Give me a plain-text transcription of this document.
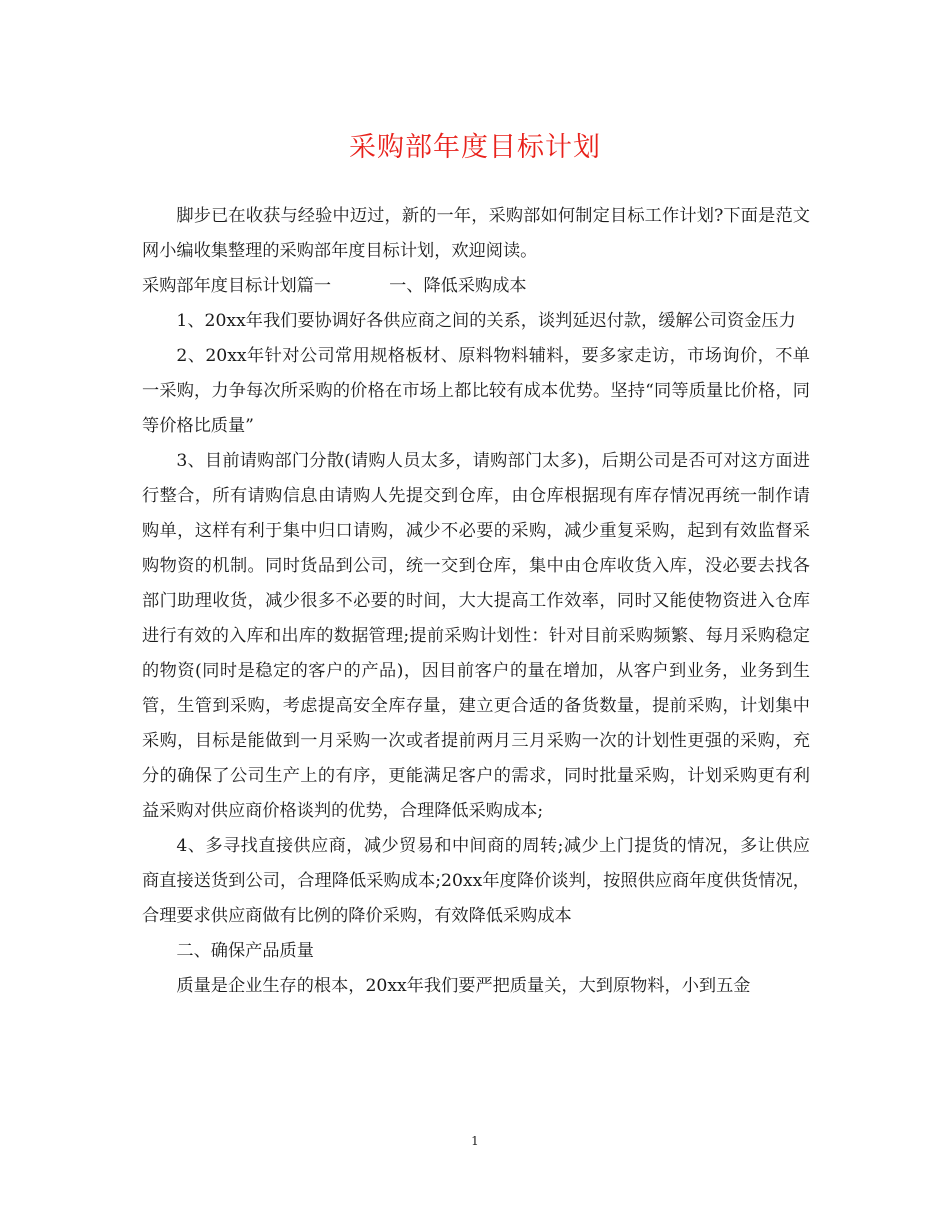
采购部年度目标计划

脚步已在收获与经验中迈过，新的一年，采购部如何制定目标工作计划?下面是范文网小编收集整理的采购部年度目标计划，欢迎阅读。

采购部年度目标计划篇一	一、降低采购成本

1、20xx年我们要协调好各供应商之间的关系，谈判延迟付款，缓解公司资金压力

2、20xx年针对公司常用规格板材、原料物料辅料，要多家走访，市场询价，不单一采购，力争每次所采购的价格在市场上都比较有成本优势。坚持“同等质量比价格，同等价格比质量”

3、目前请购部门分散(请购人员太多，请购部门太多)，后期公司是否可对这方面进行整合，所有请购信息由请购人先提交到仓库，由仓库根据现有库存情况再统一制作请购单，这样有利于集中归口请购，减少不必要的采购，减少重复采购，起到有效监督采购物资的机制。同时货品到公司，统一交到仓库，集中由仓库收货入库，没必要去找各部门助理收货，减少很多不必要的时间，大大提高工作效率，同时又能使物资进入仓库进行有效的入库和出库的数据管理;提前采购计划性：针对目前采购频繁、每月采购稳定的物资(同时是稳定的客户的产品)，因目前客户的量在增加，从客户到业务，业务到生管，生管到采购，考虑提高安全库存量，建立更合适的备货数量，提前采购，计划集中采购，目标是能做到一月采购一次或者提前两月三月采购一次的计划性更强的采购，充分的确保了公司生产上的有序，更能满足客户的需求，同时批量采购，计划采购更有利益采购对供应商价格谈判的优势，合理降低采购成本;

4、多寻找直接供应商，减少贸易和中间商的周转;减少上门提货的情况，多让供应商直接送货到公司，合理降低采购成本;20xx年度降价谈判，按照供应商年度供货情况，合理要求供应商做有比例的降价采购，有效降低采购成本

二、确保产品质量

质量是企业生存的根本，20xx年我们要严把质量关，大到原物料，小到五金

1
